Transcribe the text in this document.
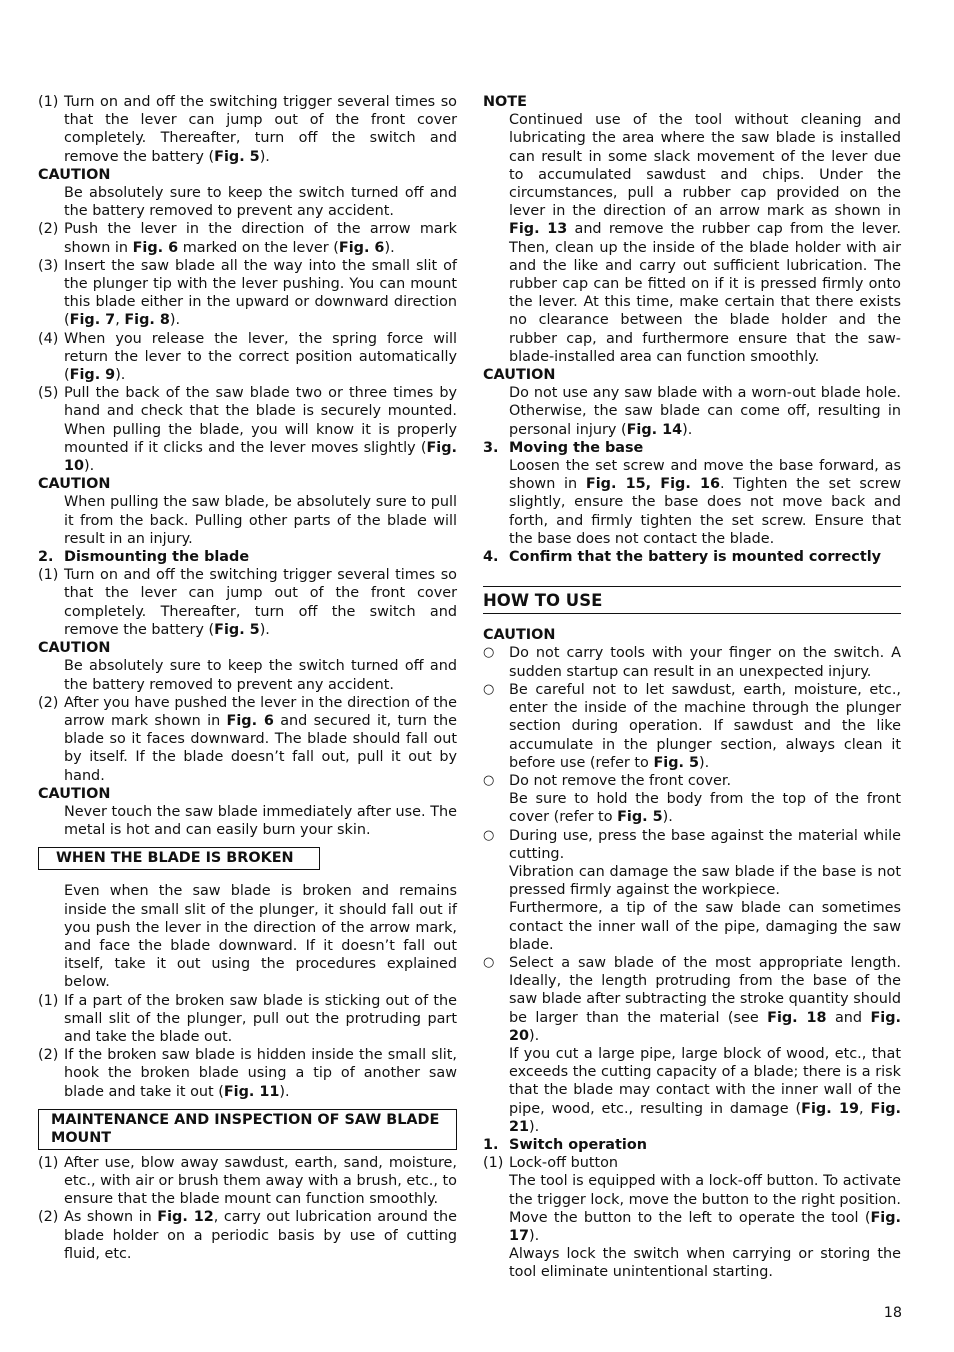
(1) Turn on and off the switching trigger several times so that the lever can jump out of the front cover completely. Thereafter, turn off the switch and remove the battery (Fig. 5).
CAUTION
Be absolutely sure to keep the switch turned off and the battery removed to prevent any accident.
(2) Push the lever in the direction of the arrow mark shown in Fig. 6 marked on the lever (Fig. 6).
(3) Insert the saw blade all the way into the small slit of the plunger tip with the lever pushing. You can mount this blade either in the upward or downward direction (Fig. 7, Fig. 8).
(4) When you release the lever, the spring force will return the lever to the correct position automatically (Fig. 9).
(5) Pull the back of the saw blade two or three times by hand and check that the blade is securely mounted. When pulling the blade, you will know it is properly mounted if it clicks and the lever moves slightly (Fig. 10).
CAUTION
When pulling the saw blade, be absolutely sure to pull it from the back. Pulling other parts of the blade will result in an injury.
2. Dismounting the blade
(1) Turn on and off the switching trigger several times so that the lever can jump out of the front cover completely. Thereafter, turn off the switch and remove the battery (Fig. 5).
CAUTION
Be absolutely sure to keep the switch turned off and the battery removed to prevent any accident.
(2) After you have pushed the lever in the direction of the arrow mark shown in Fig. 6 and secured it, turn the blade so it faces downward. The blade should fall out by itself. If the blade doesn’t fall out, pull it out by hand.
CAUTION
Never touch the saw blade immediately after use. The metal is hot and can easily burn your skin.
WHEN THE BLADE IS BROKEN
Even when the saw blade is broken and remains inside the small slit of the plunger, it should fall out if you push the lever in the direction of the arrow mark, and face the blade downward. If it doesn’t fall out itself, take it out using the procedures explained below.
(1) If a part of the broken saw blade is sticking out of the small slit of the plunger, pull out the protruding part and take the blade out.
(2) If the broken saw blade is hidden inside the small slit, hook the broken blade using a tip of another saw blade and take it out (Fig. 11).
MAINTENANCE AND INSPECTION OF SAW BLADE MOUNT
(1) After use, blow away sawdust, earth, sand, moisture, etc., with air or brush them away with a brush, etc., to ensure that the blade mount can function smoothly.
(2) As shown in Fig. 12, carry out lubrication around the blade holder on a periodic basis by use of cutting fluid, etc.
NOTE
Continued use of the tool without cleaning and lubricating the area where the saw blade is installed can result in some slack movement of the lever due to accumulated sawdust and chips. Under the circumstances, pull a rubber cap provided on the lever in the direction of an arrow mark as shown in Fig. 13 and remove the rubber cap from the lever. Then, clean up the inside of the blade holder with air and the like and carry out sufficient lubrication. The rubber cap can be fitted on if it is pressed firmly onto the lever. At this time, make certain that there exists no clearance between the blade holder and the rubber cap, and furthermore ensure that the saw-blade-installed area can function smoothly.
CAUTION
Do not use any saw blade with a worn-out blade hole. Otherwise, the saw blade can come off, resulting in personal injury (Fig. 14).
3. Moving the base
Loosen the set screw and move the base forward, as shown in Fig. 15, Fig. 16. Tighten the set screw slightly, ensure the base does not move back and forth, and firmly tighten the set screw. Ensure that the base does not contact the blade.
4. Confirm that the battery is mounted correctly
HOW TO USE
CAUTION
○	Do not carry tools with your finger on the switch. A sudden startup can result in an unexpected injury.
○	Be careful not to let sawdust, earth, moisture, etc., enter the inside of the machine through the plunger section during operation. If sawdust and the like accumulate in the plunger section, always clean it before use (refer to Fig. 5).
○	Do not remove the front cover.
Be sure to hold the body from the top of the front cover (refer to Fig. 5).
○	During use, press the base against the material while cutting.
Vibration can damage the saw blade if the base is not pressed firmly against the workpiece.
Furthermore, a tip of the saw blade can sometimes contact the inner wall of the pipe, damaging the saw blade.
○	Select a saw blade of the most appropriate length. Ideally, the length protruding from the base of the saw blade after subtracting the stroke quantity should be larger than the material (see Fig. 18 and Fig. 20).
If you cut a large pipe, large block of wood, etc., that exceeds the cutting capacity of a blade; there is a risk that the blade may contact with the inner wall of the pipe, wood, etc., resulting in damage (Fig. 19, Fig. 21).
1. Switch operation
(1) Lock-off button
The tool is equipped with a lock-off button. To activate the trigger lock, move the button to the right position. Move the button to the left to operate the tool (Fig. 17).
Always lock the switch when carrying or storing the tool eliminate unintentional starting.
18
